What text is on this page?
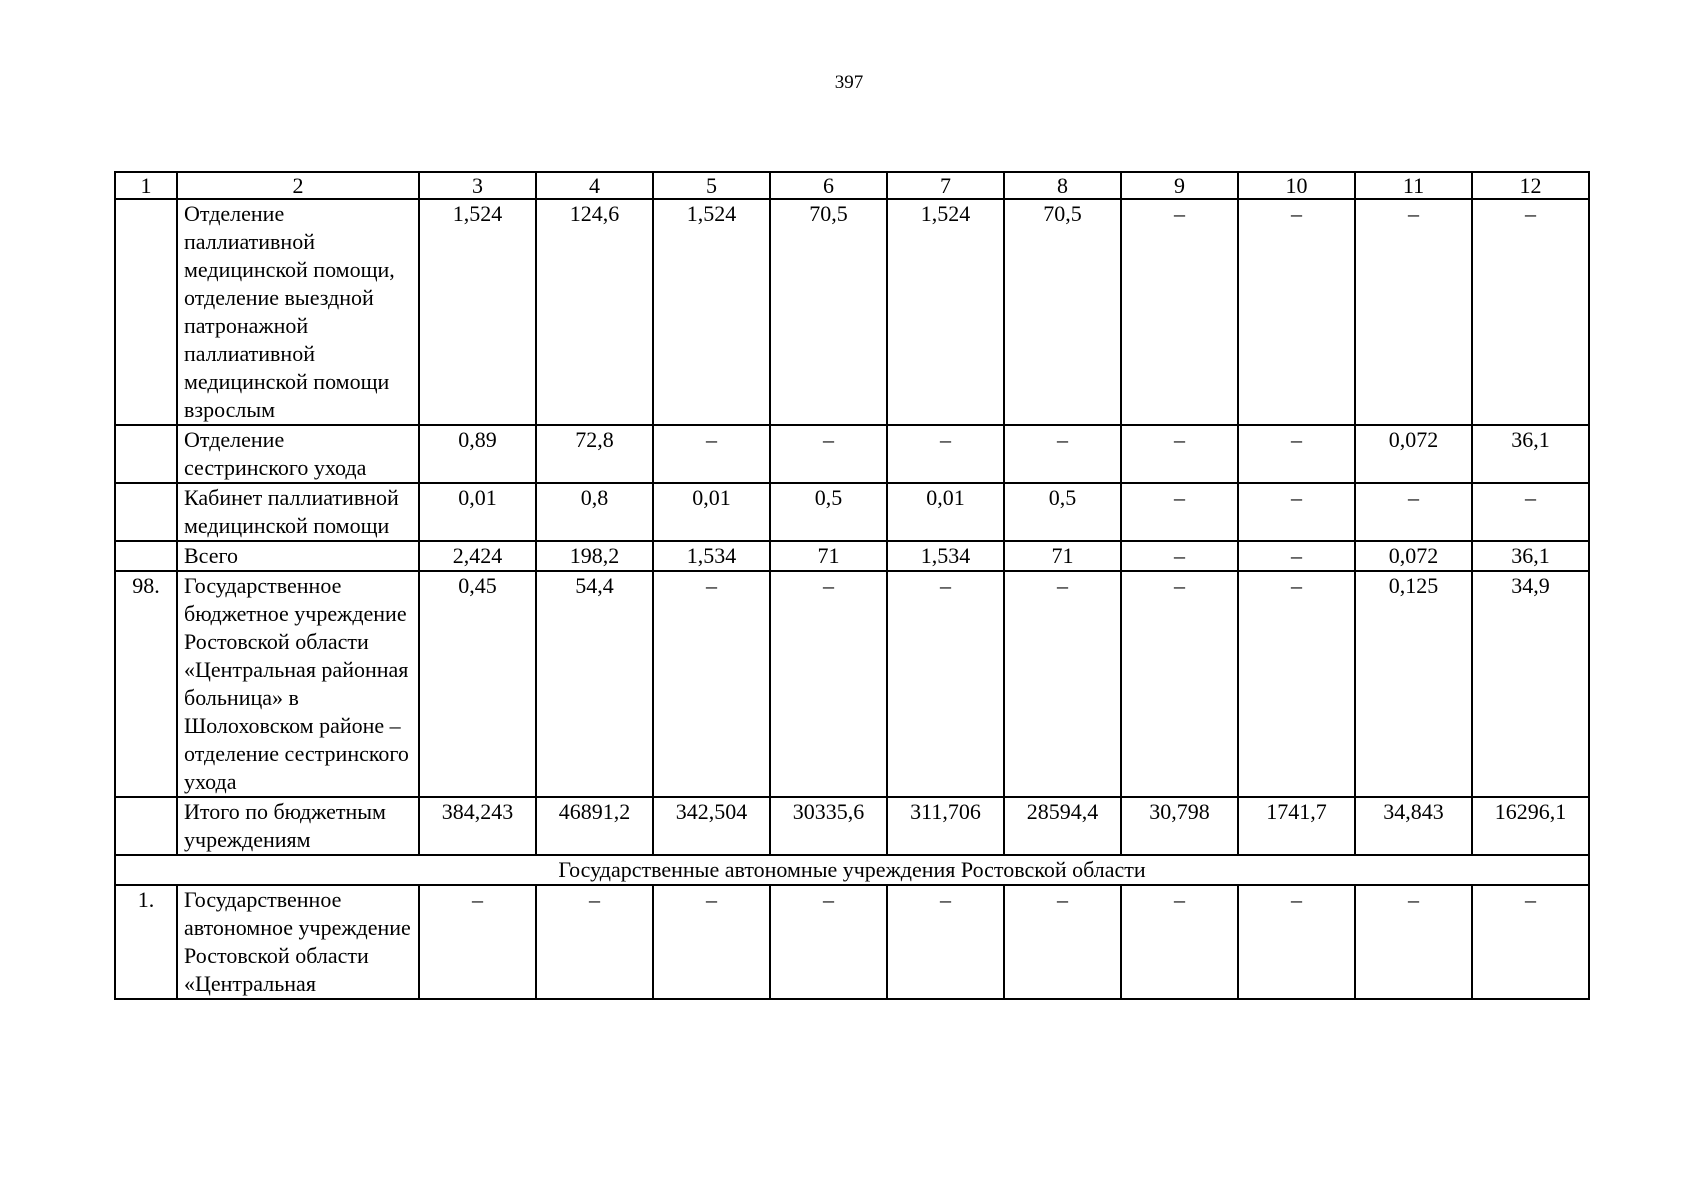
397
1	2	3	4	5	6	7	8	9	10	11	12
	Отделение паллиативной медицинской помощи, отделение выездной патронажной паллиативной медицинской помощи взрослым	1,524	124,6	1,524	70,5	1,524	70,5	–	–	–	–
	Отделение сестринского ухода	0,89	72,8	–	–	–	–	–	–	0,072	36,1
	Кабинет паллиативной медицинской помощи	0,01	0,8	0,01	0,5	0,01	0,5	–	–	–	–
	Всего	2,424	198,2	1,534	71	1,534	71	–	–	0,072	36,1
98.	Государственное бюджетное учреждение Ростовской области «Центральная районная больница» в Шолоховском районе – отделение сестринского ухода	0,45	54,4	–	–	–	–	–	–	0,125	34,9
	Итого по бюджетным учреждениям	384,243	46891,2	342,504	30335,6	311,706	28594,4	30,798	1741,7	34,843	16296,1
Государственные автономные учреждения Ростовской области											
1.	Государственное автономное учреждение Ростовской области «Центральная	–	–	–	–	–	–	–	–	–	–
